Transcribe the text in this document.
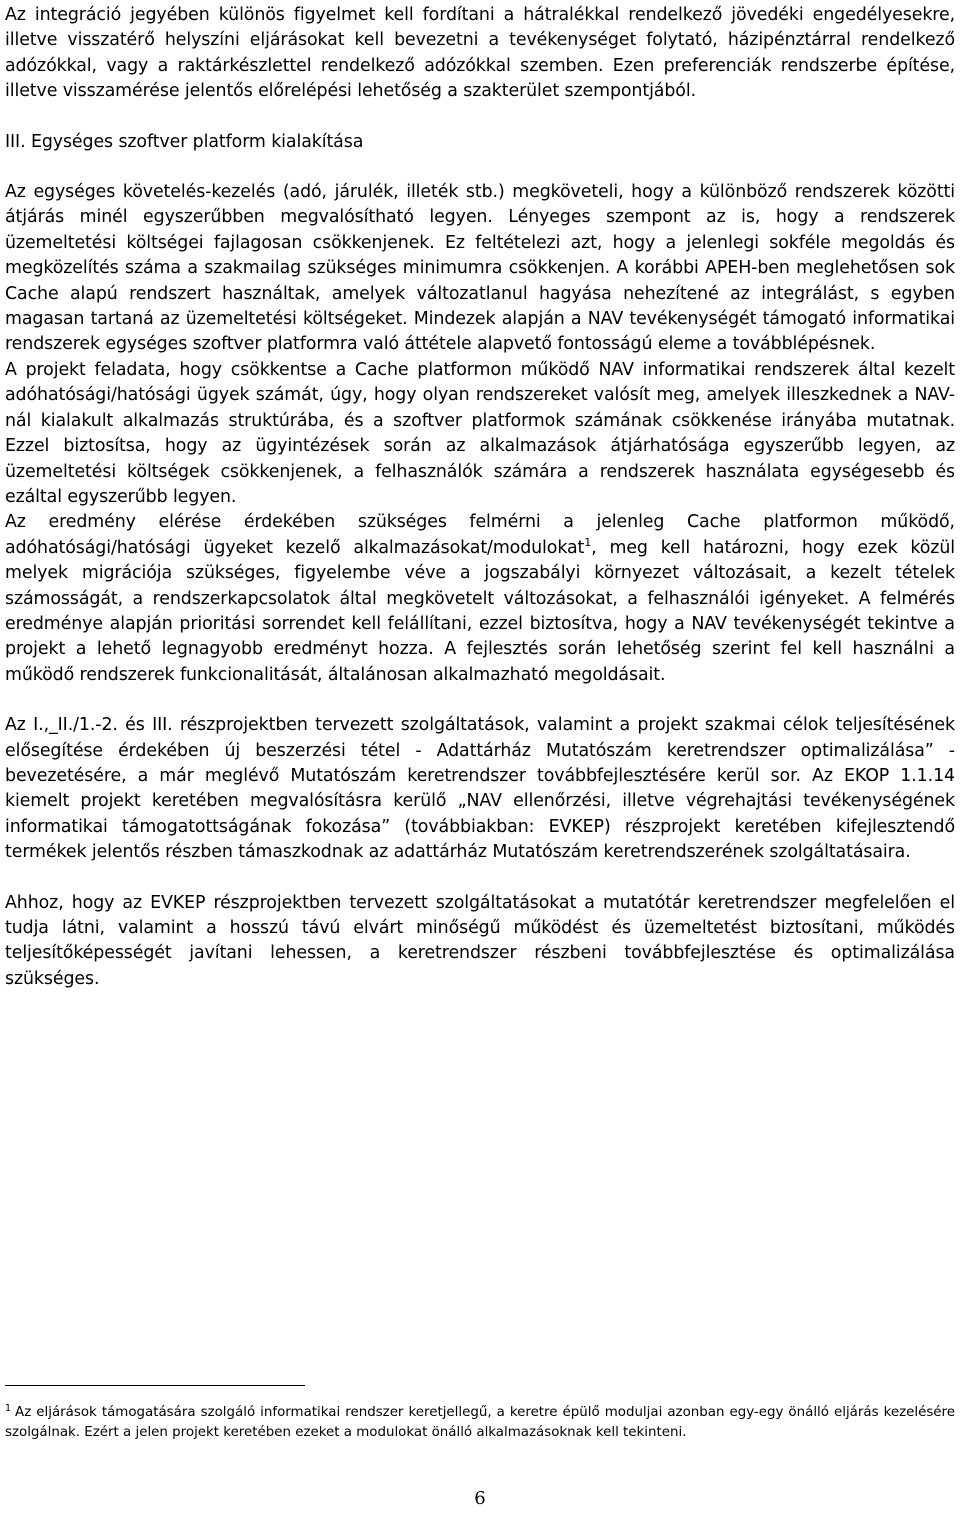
Az integráció jegyében különös figyelmet kell fordítani a hátralékkal rendelkező jövedéki engedélyesekre, illetve visszatérő helyszíni eljárásokat kell bevezetni a tevékenységet folytató, házipénztárral rendelkező adózókkal, vagy a raktárkészlettel rendelkező adózókkal szemben. Ezen preferenciák rendszerbe építése, illetve visszamérése jelentős előrelépési lehetőség a szakterület szempontjából.

III. Egységes szoftver platform kialakítása

Az egységes követelés-kezelés (adó, járulék, illeték stb.) megköveteli, hogy a különböző rendszerek közötti átjárás minél egyszerűbben megvalósítható legyen. Lényeges szempont az is, hogy a rendszerek üzemeltetési költségei fajlagosan csökkenjenek. Ez feltételezi azt, hogy a jelenlegi sokféle megoldás és megközelítés száma a szakmailag szükséges minimumra csökkenjen. A korábbi APEH-ben meglehetősen sok Cache alapú rendszert használtak, amelyek változatlanul hagyása nehezítené az integrálást, s egyben magasan tartaná az üzemeltetési költségeket. Mindezek alapján a NAV tevékenységét támogató informatikai rendszerek egységes szoftver platformra való áttétele alapvető fontosságú eleme a továbblépésnek.

A projekt feladata, hogy csökkentse a Cache platformon működő NAV informatikai rendszerek által kezelt adóhatósági/hatósági ügyek számát, úgy, hogy olyan rendszereket valósít meg, amelyek illeszkednek a NAV-nál kialakult alkalmazás struktúrába, és a szoftver platformok számának csökkenése irányába mutatnak. Ezzel biztosítsa, hogy az ügyintézések során az alkalmazások átjárhatósága egyszerűbb legyen, az üzemeltetési költségek csökkenjenek, a felhasználók számára a rendszerek használata egységesebb és ezáltal egyszerűbb legyen.

Az eredmény elérése érdekében szükséges felmérni a jelenleg Cache platformon működő, adóhatósági/hatósági ügyeket kezelő alkalmazásokat/modulokat$^1$, meg kell határozni, hogy ezek közül melyek migrációja szükséges, figyelembe véve a jogszabályi környezet változásait, a kezelt tételek számosságát, a rendszerkapcsolatok által megkövetelt változásokat, a felhasználói igényeket. A felmérés eredménye alapján prioritási sorrendet kell felállítani, ezzel biztosítva, hogy a NAV tevékenységét tekintve a projekt a lehető legnagyobb eredményt hozza. A fejlesztés során lehetőség szerint fel kell használni a működő rendszerek funkcionalitását, általánosan alkalmazható megoldásait.

Az I.,_II./1.-2. és III. részprojektben tervezett szolgáltatások, valamint a projekt szakmai célok teljesítésének elősegítése érdekében új beszerzési tétel - Adattárház Mutatószám keretrendszer optimalizálása” - bevezetésére, a már meglévő Mutatószám keretrendszer továbbfejlesztésére kerül sor. Az EKOP 1.1.14 kiemelt projekt keretében megvalósításra kerülő „NAV ellenőrzési, illetve végrehajtási tevékenységének informatikai támogatottságának fokozása” (továbbiakban: EVKEP) részprojekt keretében kifejlesztendő termékek jelentős részben támaszkodnak az adattárház Mutatószám keretrendszerének szolgáltatásaira.

Ahhoz, hogy az EVKEP részprojektben tervezett szolgáltatásokat a mutatótár keretrendszer megfelelően el tudja látni, valamint a hosszú távú elvárt minőségű működést és üzemeltetést biztosítani, működés teljesítőképességét javítani lehessen, a keretrendszer részbeni továbbfejlesztése és optimalizálása szükséges.

$^1$ Az eljárások támogatására szolgáló informatikai rendszer keretjellegű, a keretre épülő moduljai azonban egy-egy önálló eljárás kezelésére szolgálnak. Ezért a jelen projekt keretében ezeket a modulokat önálló alkalmazásoknak kell tekinteni.
6
